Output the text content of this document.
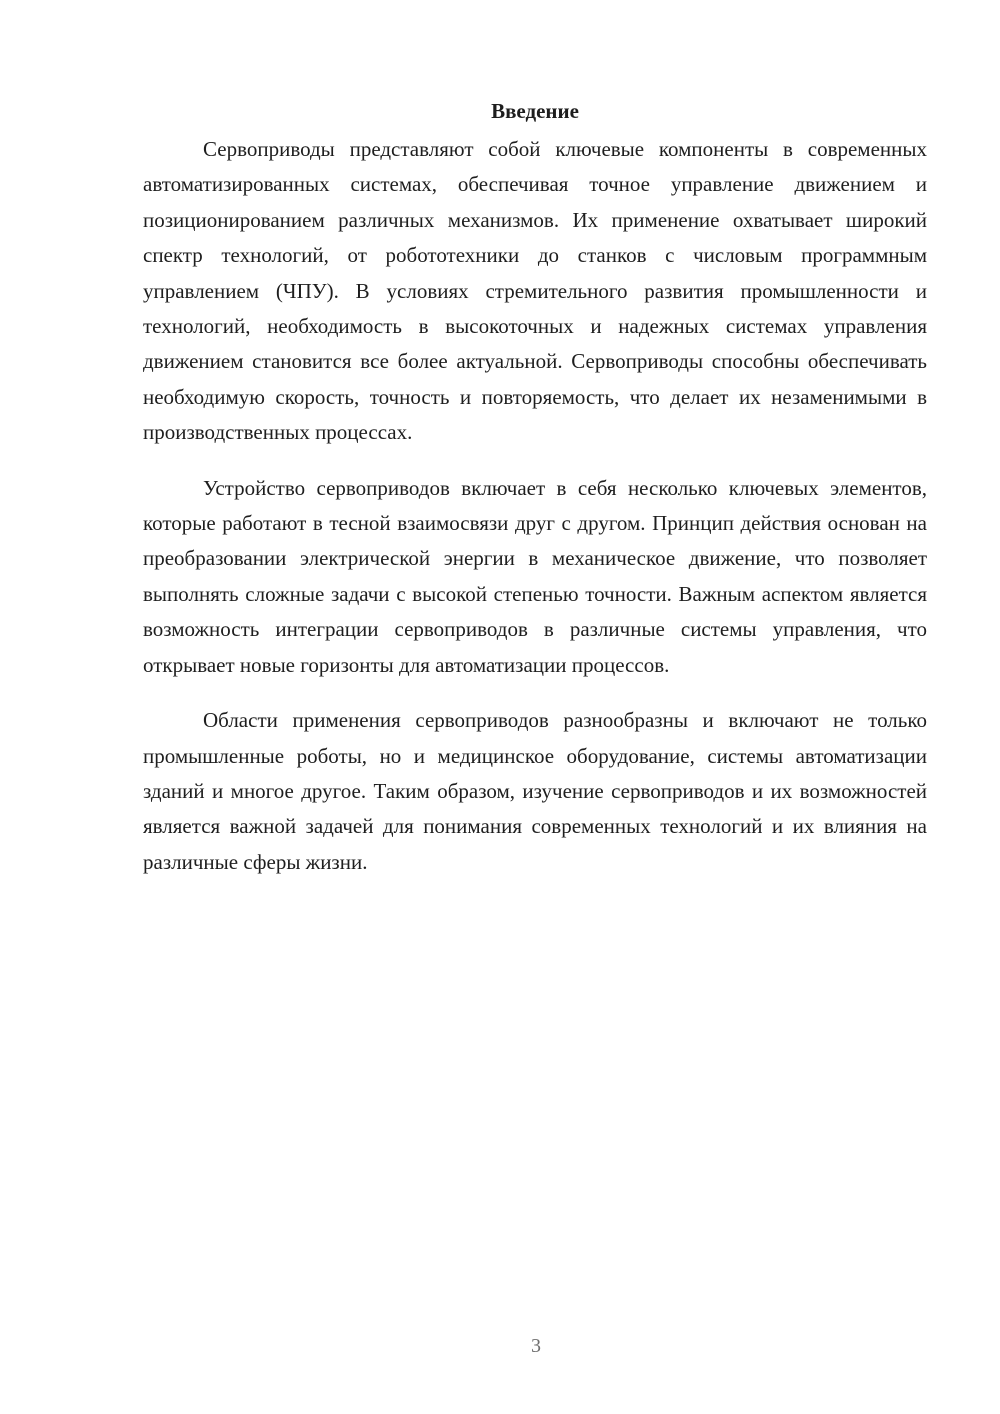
Введение

Сервоприводы представляют собой ключевые компоненты в современных автоматизированных системах, обеспечивая точное управление движением и позиционированием различных механизмов. Их применение охватывает широкий спектр технологий, от робототехники до станков с числовым программным управлением (ЧПУ). В условиях стремительного развития промышленности и технологий, необходимость в высокоточных и надежных системах управления движением становится все более актуальной. Сервоприводы способны обеспечивать необходимую скорость, точность и повторяемость, что делает их незаменимыми в производственных процессах.

Устройство сервоприводов включает в себя несколько ключевых элементов, которые работают в тесной взаимосвязи друг с другом. Принцип действия основан на преобразовании электрической энергии в механическое движение, что позволяет выполнять сложные задачи с высокой степенью точности. Важным аспектом является возможность интеграции сервоприводов в различные системы управления, что открывает новые горизонты для автоматизации процессов.

Области применения сервоприводов разнообразны и включают не только промышленные роботы, но и медицинское оборудование, системы автоматизации зданий и многое другое. Таким образом, изучение сервоприводов и их возможностей является важной задачей для понимания современных технологий и их влияния на различные сферы жизни.

3
